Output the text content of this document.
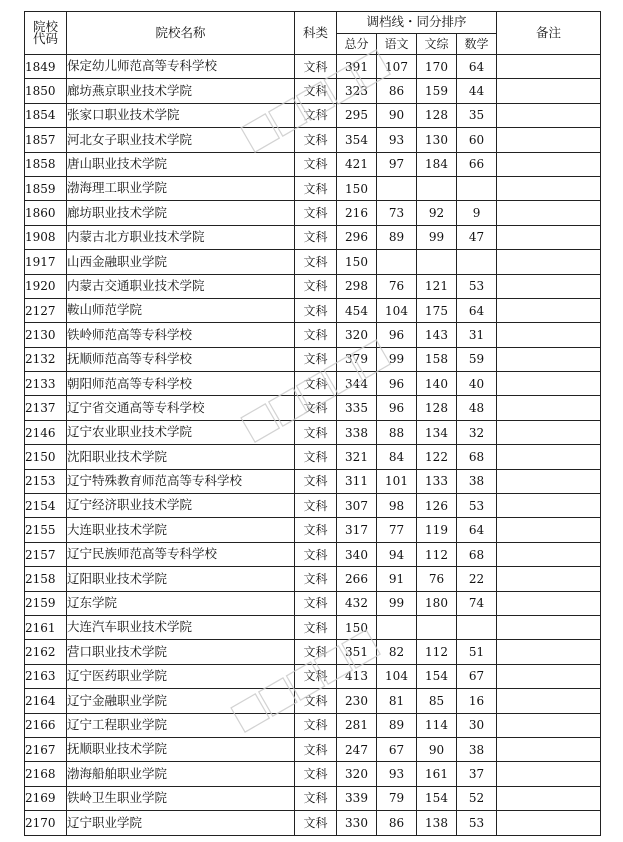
院校代码	院校名称	科类	调档线・同分排序				备注
			总分	语文	文综	数学	
1849	保定幼儿师范高等专科学校	文科	391	107	170	64	
1850	廊坊燕京职业技术学院	文科	323	86	159	44	
1854	张家口职业技术学院	文科	295	90	128	35	
1857	河北女子职业技术学院	文科	354	93	130	60	
1858	唐山职业技术学院	文科	421	97	184	66	
1859	渤海理工职业学院	文科	150				
1860	廊坊职业技术学院	文科	216	73	92	9	
1908	内蒙古北方职业技术学院	文科	296	89	99	47	
1917	山西金融职业学院	文科	150				
1920	内蒙古交通职业技术学院	文科	298	76	121	53	
2127	鞍山师范学院	文科	454	104	175	64	
2130	铁岭师范高等专科学校	文科	320	96	143	31	
2132	抚顺师范高等专科学校	文科	379	99	158	59	
2133	朝阳师范高等专科学校	文科	344	96	140	40	
2137	辽宁省交通高等专科学校	文科	335	96	128	48	
2146	辽宁农业职业技术学院	文科	338	88	134	32	
2150	沈阳职业技术学院	文科	321	84	122	68	
2153	辽宁特殊教育师范高等专科学校	文科	311	101	133	38	
2154	辽宁经济职业技术学院	文科	307	98	126	53	
2155	大连职业技术学院	文科	317	77	119	64	
2157	辽宁民族师范高等专科学校	文科	340	94	112	68	
2158	辽阳职业技术学院	文科	266	91	76	22	
2159	辽东学院	文科	432	99	180	74	
2161	大连汽车职业技术学院	文科	150				
2162	营口职业技术学院	文科	351	82	112	51	
2163	辽宁医药职业学院	文科	413	104	154	67	
2164	辽宁金融职业学院	文科	230	81	85	16	
2166	辽宁工程职业学院	文科	281	89	114	30	
2167	抚顺职业技术学院	文科	247	67	90	38	
2168	渤海船舶职业学院	文科	320	93	161	37	
2169	铁岭卫生职业学院	文科	339	79	154	52	
2170	辽宁职业学院	文科	330	86	138	53	
